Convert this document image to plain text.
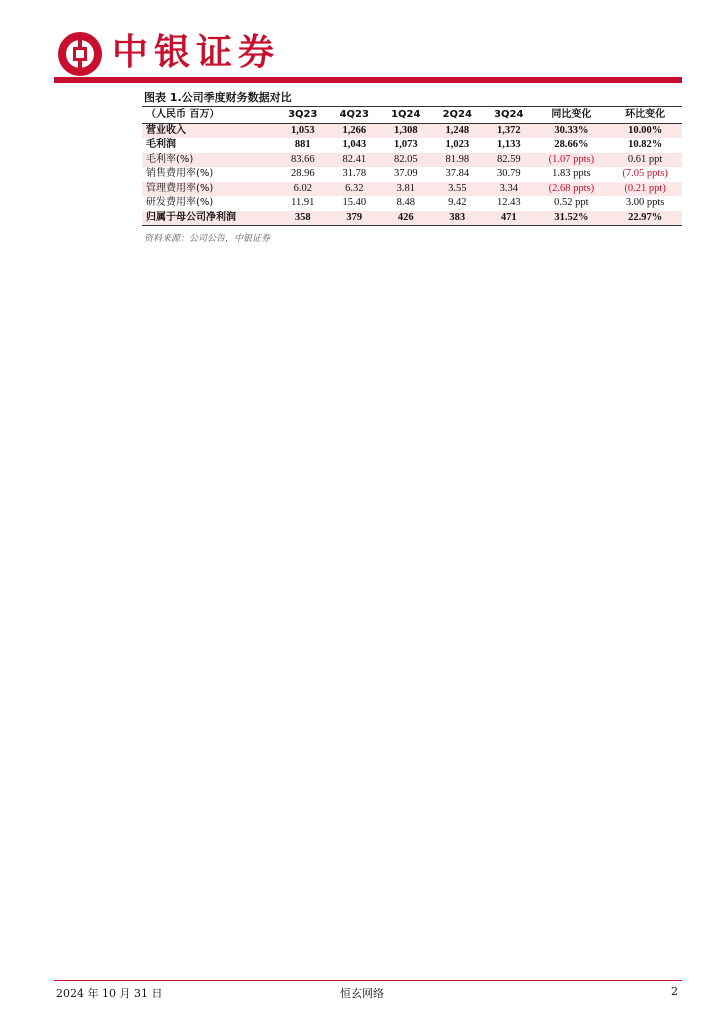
中银证券
图表 1.公司季度财务数据对比
（人民币 百万）	3Q23	4Q23	1Q24	2Q24	3Q24	同比变化	环比变化
营业收入	1,053	1,266	1,308	1,248	1,372	30.33%	10.00%
毛利润	881	1,043	1,073	1,023	1,133	28.66%	10.82%
毛利率(%)	83.66	82.41	82.05	81.98	82.59	(1.07 ppts)	0.61 ppt
销售费用率(%)	28.96	31.78	37.09	37.84	30.79	1.83 ppts	(7.05 ppts)
管理费用率(%)	6.02	6.32	3.81	3.55	3.34	(2.68 ppts)	(0.21 ppt)
研发费用率(%)	11.91	15.40	8.48	9.42	12.43	0.52 ppt	3.00 ppts
归属于母公司净利润	358	379	426	383	471	31.52%	22.97%
资料来源：公司公告，中银证券
2024 年 10 月 31 日	恒玄网络	2
